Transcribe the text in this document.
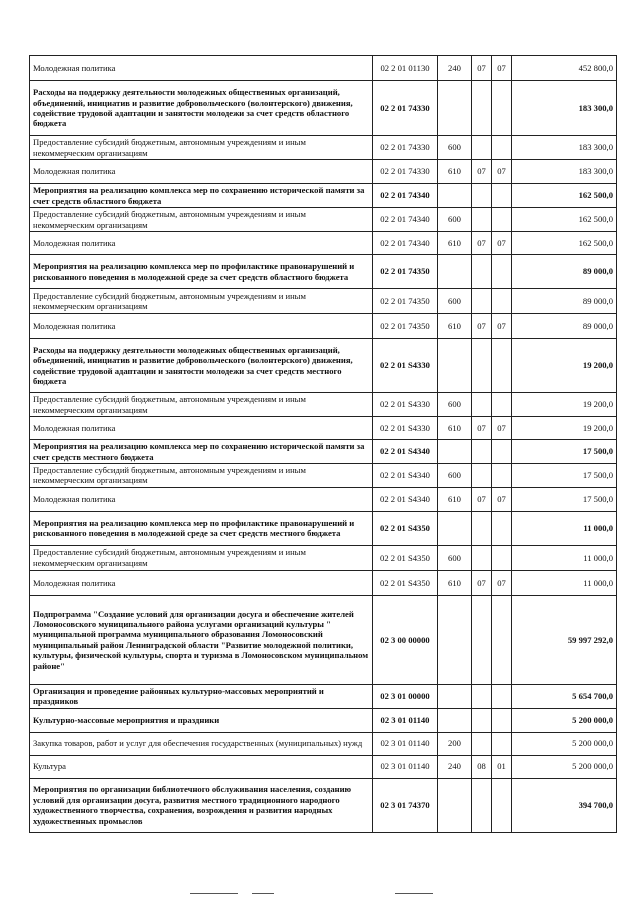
Молодежная политика	02 2 01 01130	240	07	07	452 800,0
Расходы на поддержку деятельности молодежных общественных организаций, объединений, инициатив и развитие добровольческого (волонтерского) движения, содействие трудовой адаптации и занятости молодежи за счет средств областного бюджета	02 2 01 74330				183 300,0
Предоставление субсидий бюджетным, автономным учреждениям и иным некоммерческим организациям	02 2 01 74330	600			183 300,0
Молодежная политика	02 2 01 74330	610	07	07	183 300,0
Мероприятия на реализацию комплекса мер по сохранению исторической памяти за счет средств областного бюджета	02 2 01 74340				162 500,0
Предоставление субсидий бюджетным, автономным учреждениям и иным некоммерческим организациям	02 2 01 74340	600			162 500,0
Молодежная политика	02 2 01 74340	610	07	07	162 500,0
Мероприятия на реализацию комплекса мер по профилактике правонарушений и рискованного поведения в молодежной среде за счет средств областного бюджета	02 2 01 74350				89 000,0
Предоставление субсидий бюджетным, автономным учреждениям и иным некоммерческим организациям	02 2 01 74350	600			89 000,0
Молодежная политика	02 2 01 74350	610	07	07	89 000,0
Расходы на поддержку деятельности молодежных общественных организаций, объединений, инициатив и развитие добровольческого (волонтерского) движения, содействие трудовой адаптации и занятости молодежи за счет средств местного бюджета	02 2 01 S4330				19 200,0
Предоставление субсидий бюджетным, автономным учреждениям и иным некоммерческим организациям	02 2 01 S4330	600			19 200,0
Молодежная политика	02 2 01 S4330	610	07	07	19 200,0
Мероприятия на реализацию комплекса мер по сохранению исторической памяти за счет средств местного бюджета	02 2 01 S4340				17 500,0
Предоставление субсидий бюджетным, автономным учреждениям и иным некоммерческим организациям	02 2 01 S4340	600			17 500,0
Молодежная политика	02 2 01 S4340	610	07	07	17 500,0
Мероприятия на реализацию комплекса мер по профилактике правонарушений и рискованного поведения в молодежной среде за счет средств местного бюджета	02 2 01 S4350				11 000,0
Предоставление субсидий бюджетным, автономным учреждениям и иным некоммерческим организациям	02 2 01 S4350	600			11 000,0
Молодежная политика	02 2 01 S4350	610	07	07	11 000,0
Подпрограмма "Создание условий для организации досуга и обеспечение жителей Ломоносовского муниципального района услугами организаций культуры " муниципальной программа муниципального образования Ломоносовский муниципальный район Ленинградской области "Развитие молодежной политики, культуры, физической культуры, спорта и туризма в Ломоносовском муниципальном районе"	02 3 00 00000				59 997 292,0
Организация и проведение районных культурно-массовых мероприятий и праздников	02 3 01 00000				5 654 700,0
Культурно-массовые мероприятия и праздники	02 3 01 01140				5 200 000,0
Закупка товаров, работ и услуг для обеспечения государственных (муниципальных) нужд	02 3 01 01140	200			5 200 000,0
Культура	02 3 01 01140	240	08	01	5 200 000,0
Мероприятия по организации библиотечного обслуживания населения, созданию условий для организации досуга, развития местного традиционного народного художественного творчества, сохранения, возрождения и развития народных художественных промыслов	02 3 01 74370				394 700,0
